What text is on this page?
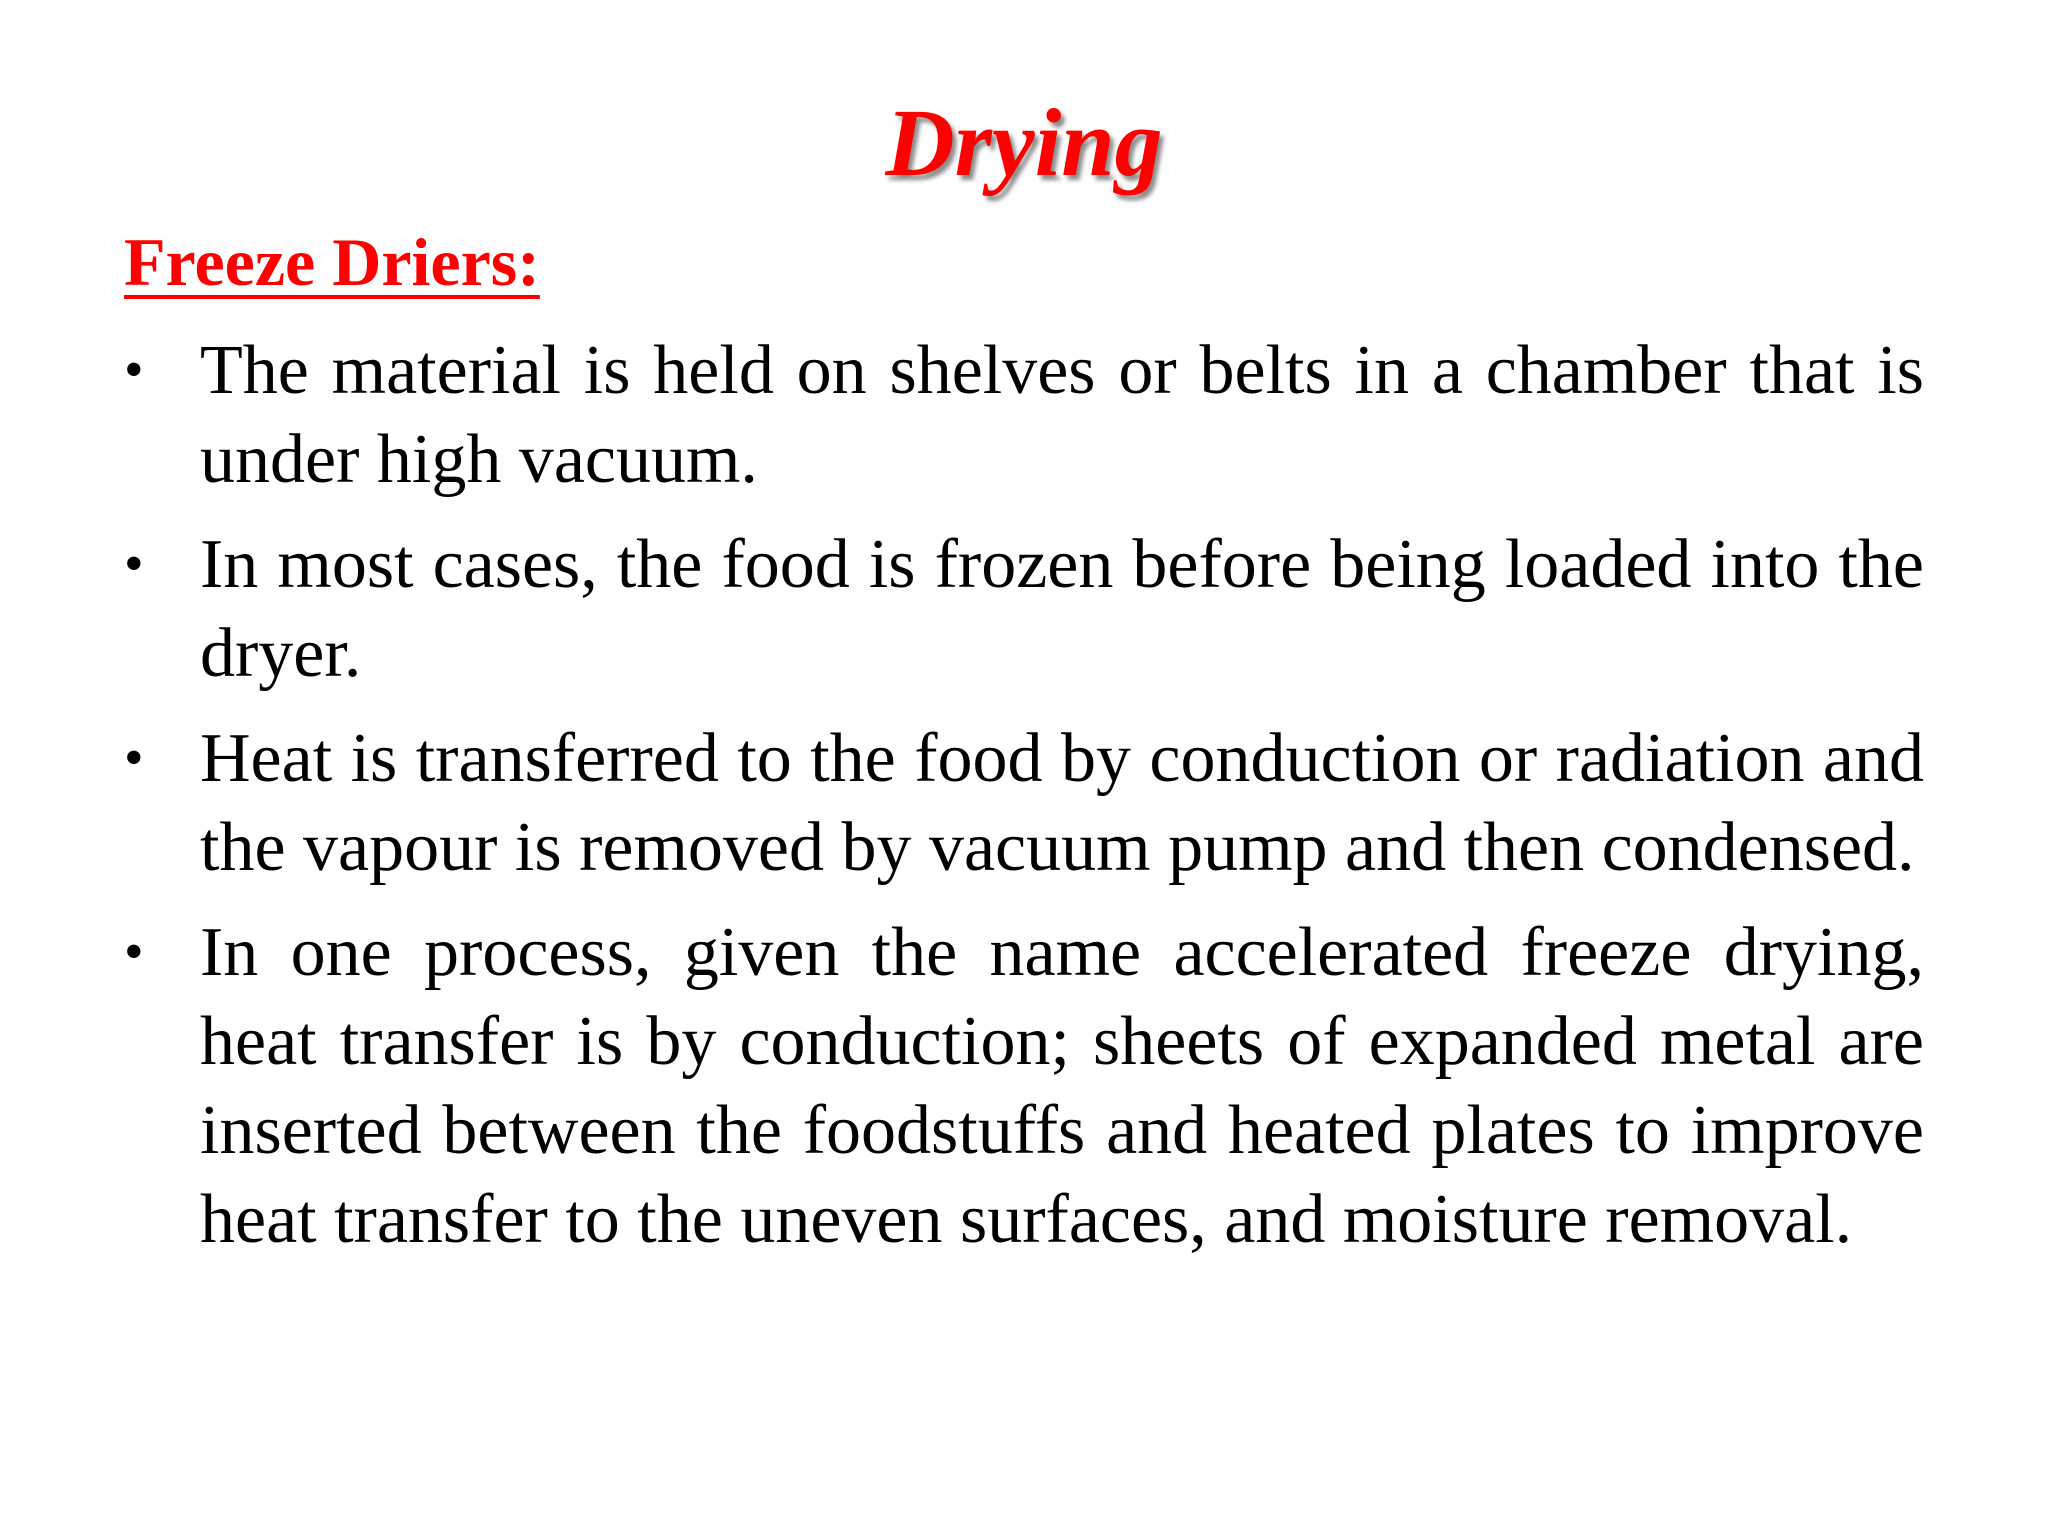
Drying
Freeze Driers:
• The material is held on shelves or belts in a chamber that is under high vacuum.
• In most cases, the food is frozen before being loaded into the dryer.
• Heat is transferred to the food by conduction or radiation and the vapour is removed by vacuum pump and then condensed.
• In one process, given the name accelerated freeze drying, heat transfer is by conduction; sheets of expanded metal are inserted between the foodstuffs and heated plates to improve heat transfer to the uneven surfaces, and moisture removal.
